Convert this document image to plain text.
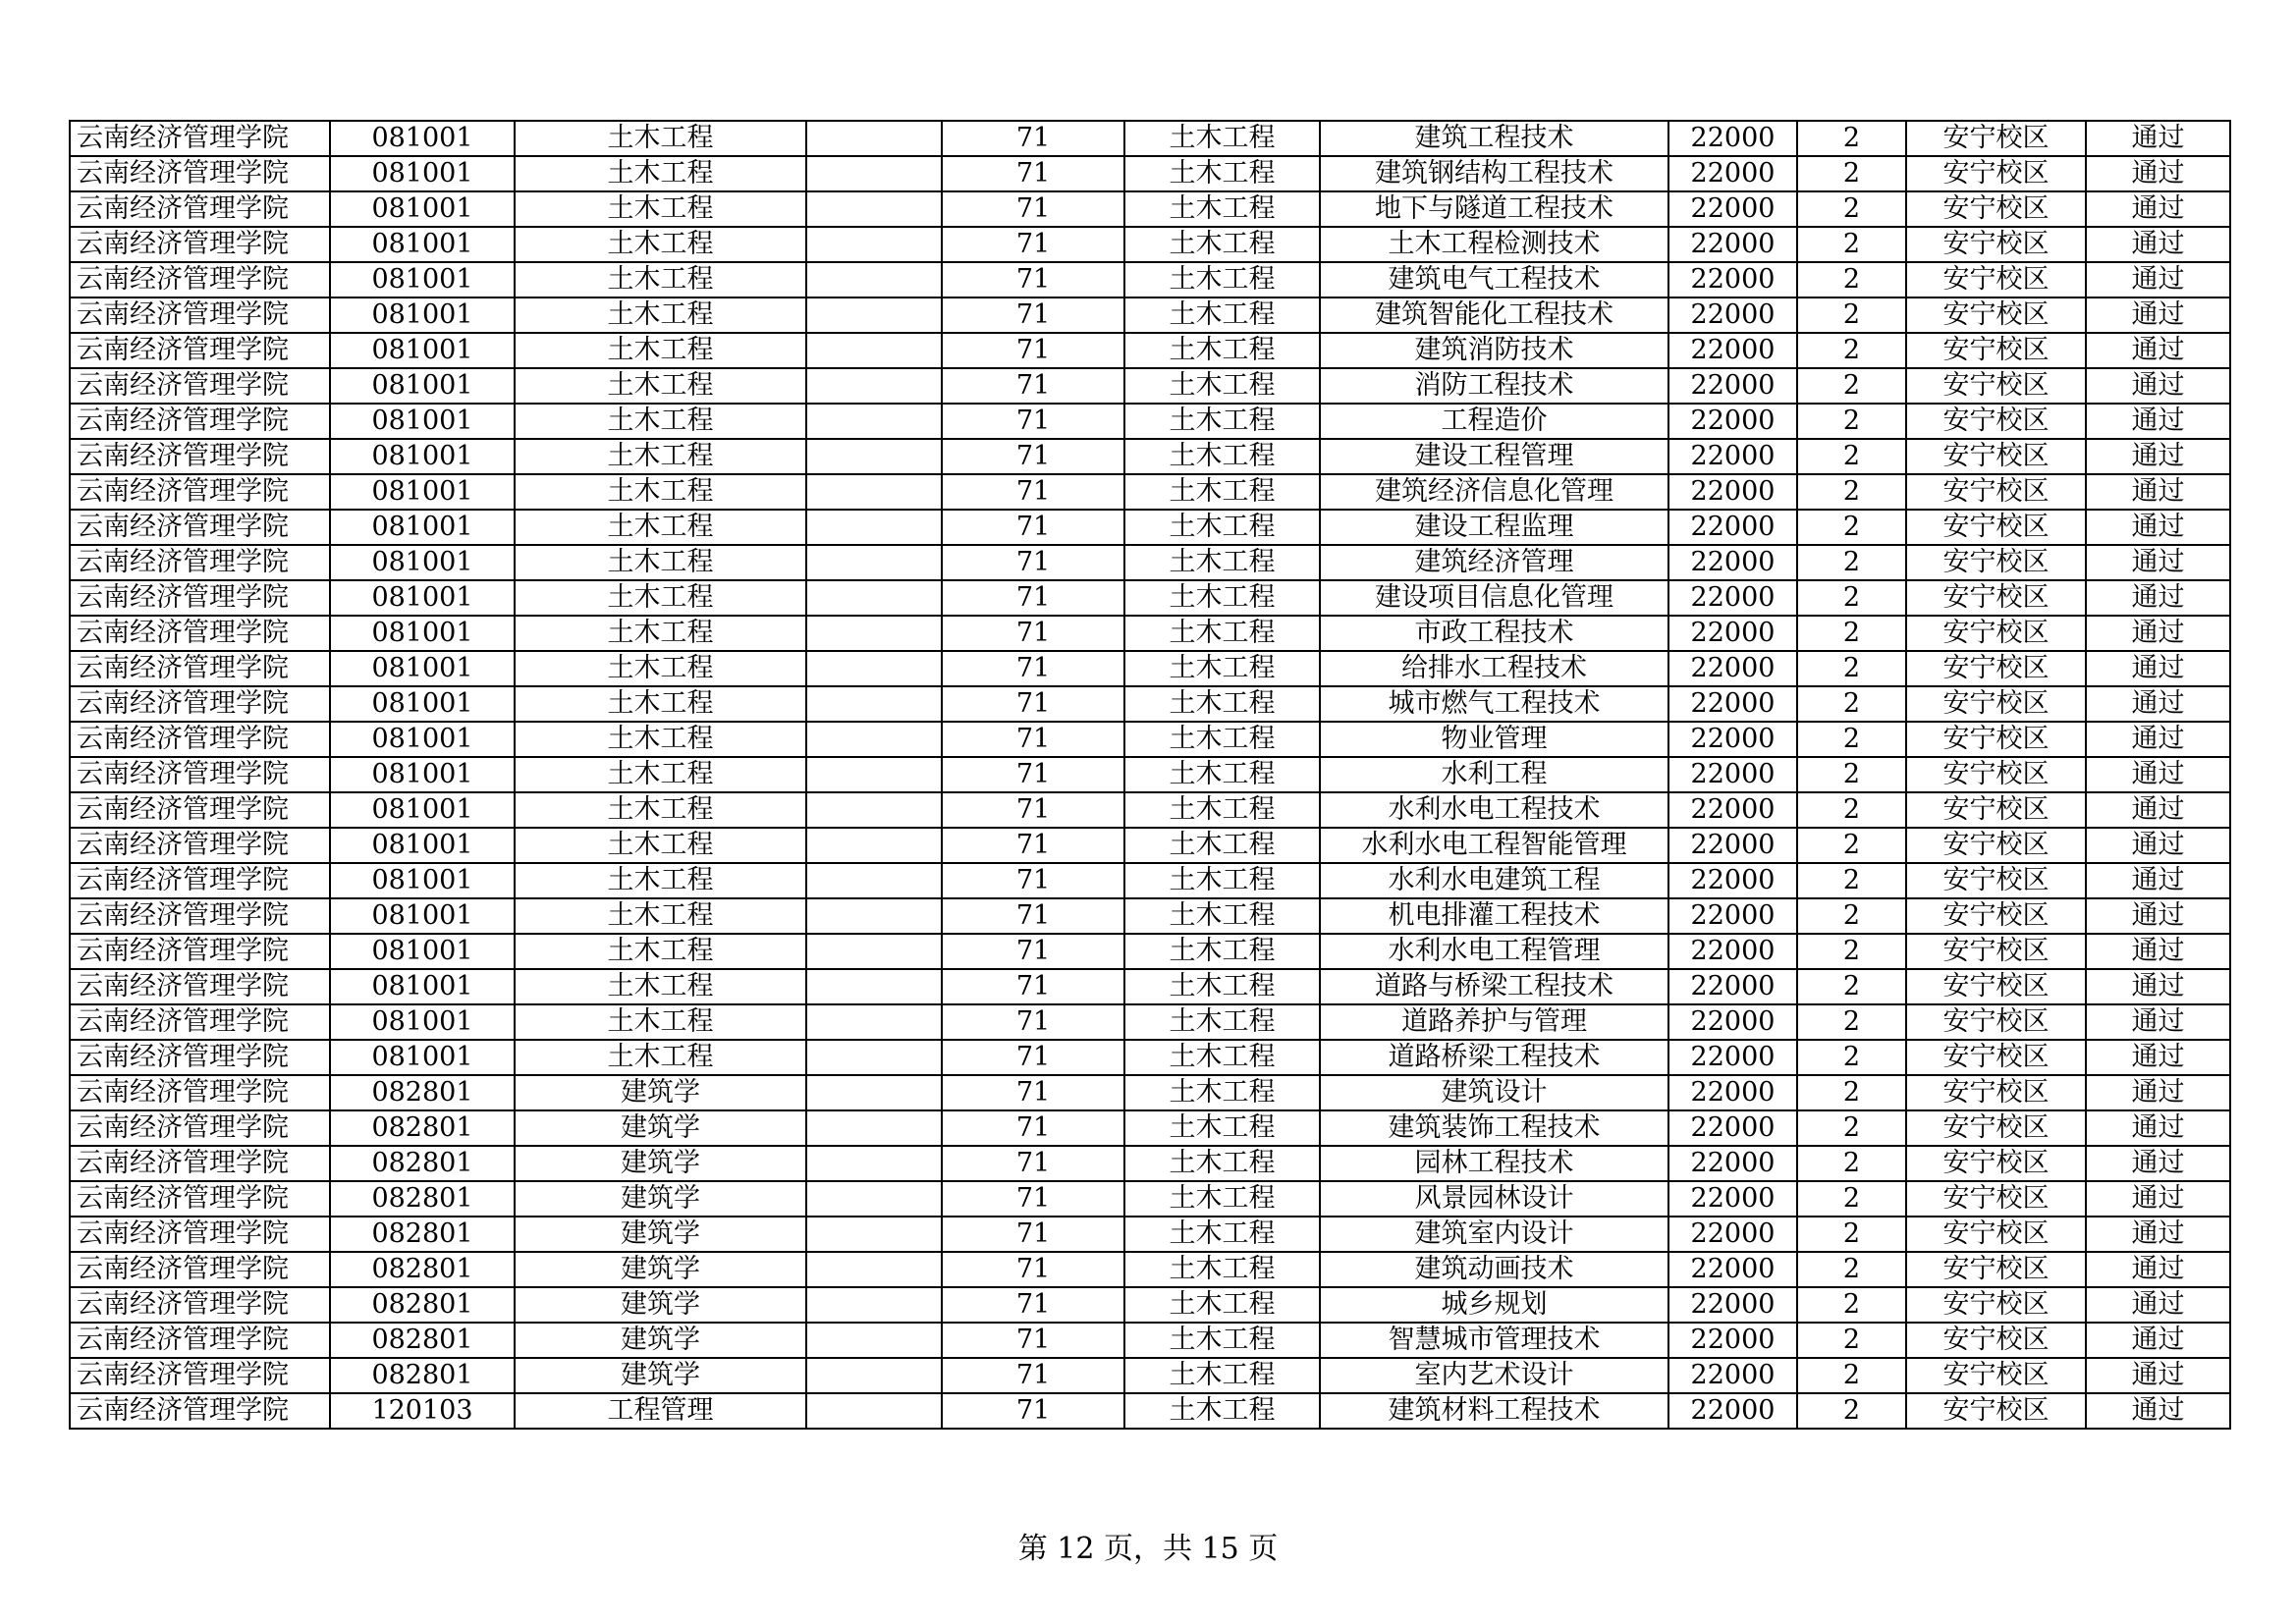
云南经济管理学院	081001	土木工程		71	土木工程	建筑工程技术	22000	2	安宁校区	通过
云南经济管理学院	081001	土木工程		71	土木工程	建筑钢结构工程技术	22000	2	安宁校区	通过
云南经济管理学院	081001	土木工程		71	土木工程	地下与隧道工程技术	22000	2	安宁校区	通过
云南经济管理学院	081001	土木工程		71	土木工程	土木工程检测技术	22000	2	安宁校区	通过
云南经济管理学院	081001	土木工程		71	土木工程	建筑电气工程技术	22000	2	安宁校区	通过
云南经济管理学院	081001	土木工程		71	土木工程	建筑智能化工程技术	22000	2	安宁校区	通过
云南经济管理学院	081001	土木工程		71	土木工程	建筑消防技术	22000	2	安宁校区	通过
云南经济管理学院	081001	土木工程		71	土木工程	消防工程技术	22000	2	安宁校区	通过
云南经济管理学院	081001	土木工程		71	土木工程	工程造价	22000	2	安宁校区	通过
云南经济管理学院	081001	土木工程		71	土木工程	建设工程管理	22000	2	安宁校区	通过
云南经济管理学院	081001	土木工程		71	土木工程	建筑经济信息化管理	22000	2	安宁校区	通过
云南经济管理学院	081001	土木工程		71	土木工程	建设工程监理	22000	2	安宁校区	通过
云南经济管理学院	081001	土木工程		71	土木工程	建筑经济管理	22000	2	安宁校区	通过
云南经济管理学院	081001	土木工程		71	土木工程	建设项目信息化管理	22000	2	安宁校区	通过
云南经济管理学院	081001	土木工程		71	土木工程	市政工程技术	22000	2	安宁校区	通过
云南经济管理学院	081001	土木工程		71	土木工程	给排水工程技术	22000	2	安宁校区	通过
云南经济管理学院	081001	土木工程		71	土木工程	城市燃气工程技术	22000	2	安宁校区	通过
云南经济管理学院	081001	土木工程		71	土木工程	物业管理	22000	2	安宁校区	通过
云南经济管理学院	081001	土木工程		71	土木工程	水利工程	22000	2	安宁校区	通过
云南经济管理学院	081001	土木工程		71	土木工程	水利水电工程技术	22000	2	安宁校区	通过
云南经济管理学院	081001	土木工程		71	土木工程	水利水电工程智能管理	22000	2	安宁校区	通过
云南经济管理学院	081001	土木工程		71	土木工程	水利水电建筑工程	22000	2	安宁校区	通过
云南经济管理学院	081001	土木工程		71	土木工程	机电排灌工程技术	22000	2	安宁校区	通过
云南经济管理学院	081001	土木工程		71	土木工程	水利水电工程管理	22000	2	安宁校区	通过
云南经济管理学院	081001	土木工程		71	土木工程	道路与桥梁工程技术	22000	2	安宁校区	通过
云南经济管理学院	081001	土木工程		71	土木工程	道路养护与管理	22000	2	安宁校区	通过
云南经济管理学院	081001	土木工程		71	土木工程	道路桥梁工程技术	22000	2	安宁校区	通过
云南经济管理学院	082801	建筑学		71	土木工程	建筑设计	22000	2	安宁校区	通过
云南经济管理学院	082801	建筑学		71	土木工程	建筑装饰工程技术	22000	2	安宁校区	通过
云南经济管理学院	082801	建筑学		71	土木工程	园林工程技术	22000	2	安宁校区	通过
云南经济管理学院	082801	建筑学		71	土木工程	风景园林设计	22000	2	安宁校区	通过
云南经济管理学院	082801	建筑学		71	土木工程	建筑室内设计	22000	2	安宁校区	通过
云南经济管理学院	082801	建筑学		71	土木工程	建筑动画技术	22000	2	安宁校区	通过
云南经济管理学院	082801	建筑学		71	土木工程	城乡规划	22000	2	安宁校区	通过
云南经济管理学院	082801	建筑学		71	土木工程	智慧城市管理技术	22000	2	安宁校区	通过
云南经济管理学院	082801	建筑学		71	土木工程	室内艺术设计	22000	2	安宁校区	通过
云南经济管理学院	120103	工程管理		71	土木工程	建筑材料工程技术	22000	2	安宁校区	通过
第 12 页，共 15 页
